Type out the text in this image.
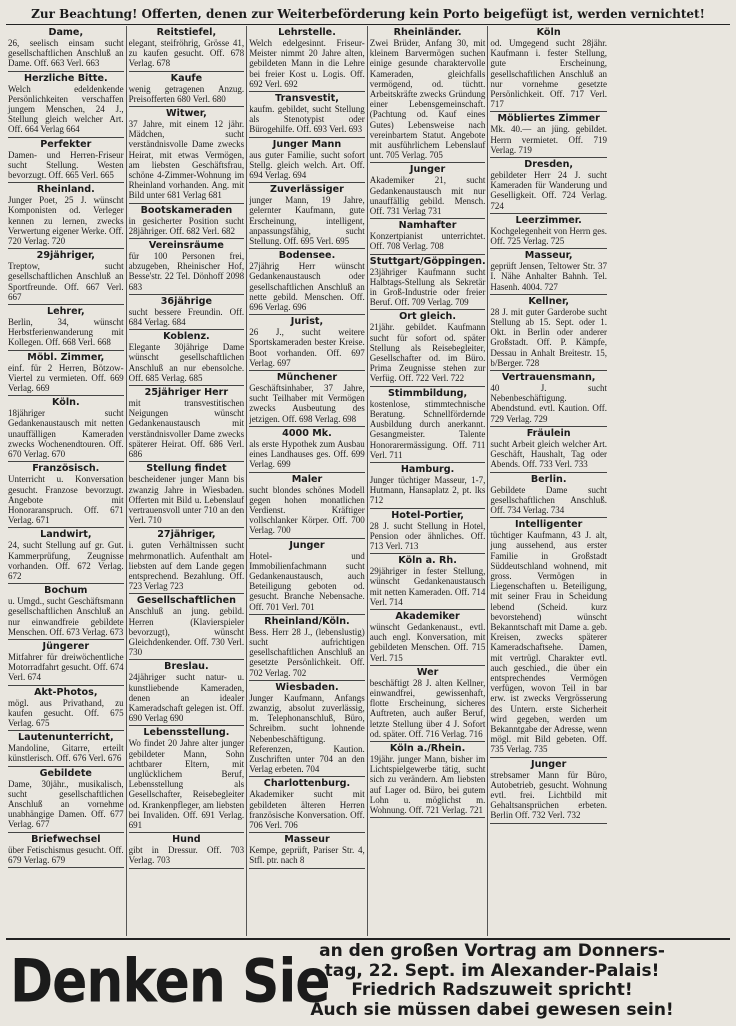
Zur Beachtung! Offerten, denen zur Weiterbeförderung kein Porto beigefügt ist, werden vernichtet!
Dame,
26, seelisch einsam sucht gesellschaftlichen Anschluß an Dame. Off. 663 Verl. 663
Herzliche Bitte.
Welch edeldenkende Persönlichkeiten verschaffen jungem Menschen, 24 J., Stellung gleich welcher Art. Off. 664 Verlag 664
Perfekter
Damen- und Herren-Friseur sucht Stellung. Westen bevorzugt. Off. 665 Verl. 665
Rheinland.
Junger Poet, 25 J. wünscht Komponisten od. Verleger kennen zu lernen, zwecks Verwertung eigener Werke. Off. 720 Verlag. 720
29jähriger,
Treptow, sucht gesellschaftlichen Anschluß an Sportfreunde. Off. 667 Verl. 667
Lehrer,
Berlin, 34, wünscht Herbstferienwanderung mit Kollegen. Off. 668 Verl. 668
Möbl. Zimmer,
einf. für 2 Herren, Bötzow-Viertel zu vermieten. Off. 669 Verlag. 669
Köln.
18jähriger sucht Gedankenaustausch mit netten unauffälligen Kameraden zwecks Wochenendtouren. Off. 670 Verlag. 670
Französisch.
Unterricht u. Konversation gesucht. Franzose bevorzugt. Angebote mit Honoraranspruch. Off. 671 Verlag. 671
Landwirt,
24, sucht Stellung auf gr. Gut. Kammerprüfung, Zeugnisse vorhanden. Off. 672 Verlag. 672
Bochum
u. Umgd., sucht Geschäftsmann gesellschaftlichen Anschluß an nur einwandfreie gebildete Menschen. Off. 673 Verlag. 673
Jüngerer
Mitfahrer für dreiwöchentliche Motorradfahrt gesucht. Off. 674 Verl. 674
Akt-Photos,
mögl. aus Privathand, zu kaufen gesucht. Off. 675 Verlag. 675
Lautenunterricht,
Mandoline, Gitarre, erteilt künstlerisch. Off. 676 Verl. 676
Gebildete
Dame, 30jähr., musikalisch, sucht gesellschaftlichen Anschluß an vornehme unabhängige Damen. Off. 677 Verlag. 677
Briefwechsel
über Fetischismus gesucht. Off. 679 Verlag. 679
Reitstiefel,
elegant, steifröhrig, Grösse 41, zu kaufen gesucht. Off. 678 Verlag. 678
Kaufe
wenig getragenen Anzug. Preisofferten 680 Verl. 680
Witwer,
37 Jahre, mit einem 12 jähr. Mädchen, sucht verständnisvolle Dame zwecks Heirat, mit etwas Vermögen, am liebsten Geschäftsfrau, schöne 4-Zimmer-Wohnung im Rheinland vorhanden. Ang. mit Bild unter 681 Verlag 681
Bootskameraden
in gesicherter Position sucht 28jähriger. Off. 682 Verl. 682
Vereinsräume
für 100 Personen frei, abzugeben, Rheinischer Hof, Besse'str. 22 Tel. Dönhoff 2098 683
36jährige
sucht bessere Freundin. Off. 684 Verlag. 684
Koblenz.
Elegante 30jährige Dame wünscht gesellschaftlichen Anschluß an nur ebensolche. Off. 685 Verlag. 685
25jähriger Herr
mit transvestitischen Neigungen wünscht Gedankenaustausch mit verständnisvoller Dame zwecks späterer Heirat. Off. 686 Verl. 686
Stellung findet
bescheidener junger Mann bis zwanzig Jahre in Wiesbaden. Offerten mit Bild u. Lebenslauf vertrauensvoll unter 710 an den Verl. 710
27jähriger,
i. guten Verhältnissen sucht mehrmonatlich. Aufenthalt am liebsten auf dem Lande gegen entsprechend. Bezahlung. Off. 723 Verlag 723
Gesellschaftlichen
Anschluß an jung. gebild. Herren (Klavierspieler bevorzugt), wünscht Gleichdenkender. Off. 730 Verl. 730
Breslau.
24jähriger sucht natur- u. kunstliebende Kameraden, denen an idealer Kameradschaft gelegen ist. Off. 690 Verlag 690
Lebensstellung.
Wo findet 20 Jahre alter junger gebildeter Mann, Sohn achtbarer Eltern, mit unglücklichem Beruf, Lebensstellung als Gesellschafter, Reisebegleiter od. Krankenpfleger, am liebsten bei Invaliden. Off. 691 Verlag. 691
Hund
gibt in Dressur. Off. 703 Verlag. 703
Lehrstelle.
Welch edelgesinnt. Friseur-Meister nimmt 20 Jahre alten, gebildeten Mann in die Lehre bei freier Kost u. Logis. Off. 692 Verl. 692
Transvestit,
kaufm. gebildet, sucht Stellung als Stenotypist oder Bürogehilfe. Off. 693 Verl. 693
Junger Mann
aus guter Familie, sucht sofort Stellg. gleich welch. Art. Off. 694 Verlag. 694
Zuverlässiger
junger Mann, 19 Jahre, gelernter Kaufmann, gute Erscheinung, intelligent, anpassungsfähig, sucht Stellung. Off. 695 Verl. 695
Bodensee.
27jährig Herr wünscht Gedankenaustausch oder gesellschaftlichen Anschluß an nette gebild. Menschen. Off. 696 Verlag. 696
Jurist,
26 J., sucht weitere Sportskameraden bester Kreise. Boot vorhanden. Off. 697 Verlag. 697
Münchener
Geschäftsinhaber, 37 Jahre, sucht Teilhaber mit Vermögen zwecks Ausbeutung des jetzigen. Off. 698 Verlag. 698
4000 Mk.
als erste Hypothek zum Ausbau eines Landhauses ges. Off. 699 Verlag. 699
Maler
sucht blondes schönes Modell gegen hohen monatlichen Verdienst. Kräftiger vollschlanker Körper. Off. 700 Verlag. 700
Junger
Hotel- und Immobilienfachmann sucht Gedankenaustausch, auch Beteiligung geboten od. gesucht. Branche Nebensache. Off. 701 Verl. 701
Rheinland/Köln.
Bess. Herr 28 J., (lebenslustig) sucht aufrichtigen gesellschaftlichen Anschluß an gesetzte Persönlichkeit. Off. 702 Verlag. 702
Wiesbaden.
Junger Kaufmann, Anfangs zwanzig, absolut zuverlässig, m. Telephonanschluß, Büro, Schreibm. sucht lohnende Nebenbeschäftigung. Referenzen, Kaution. Zuschriften unter 704 an den Verlag erbeten. 704
Charlottenburg.
Akademiker sucht mit gebildeten älteren Herren französische Konversation. Off. 706 Verl. 706
Masseur
Kempe, geprüft, Pariser Str. 4, Stfl. ptr. nach 8
Rheinländer.
Zwei Brüder, Anfang 30, mit kleinem Barvermögen suchen einige gesunde charaktervolle Kameraden, gleichfalls vermögend, od. tüchtt. Arbeitskräfte zwecks Gründung einer Lebensgemeinschaft. (Pachtung od. Kauf eines Gutes) Lebensweise nach vereinbartem Statut. Angebote mit ausführlichem Lebenslauf unt. 705 Verlag. 705
Junger
Akademiker 21, sucht Gedankenaustausch mit nur unauffällig gebild. Mensch. Off. 731 Verlag 731
Namhafter
Konzertpianist unterrichtet. Off. 708 Verlag. 708
Stuttgart/Göppingen.
23jähriger Kaufmann sucht Halbtags-Stellung als Sekretär in Groß-Industrie oder freier Beruf. Off. 709 Verlag. 709
Ort gleich.
21jähr. gebildet. Kaufmann sucht für sofort od. später Stellung als Reisebegleiter, Gesellschafter od. im Büro. Prima Zeugnisse stehen zur Verfüg. Off. 722 Verl. 722
Stimmbildung,
kostenlose, stimmtechnische Beratung. Schnellfördernde Ausbildung durch anerkannt. Gesangmeister. Talente Honorarermässigung. Off. 711 Verl. 711
Hamburg.
Junger tüchtiger Masseur, 1-7, Hutmann, Hansaplatz 2, pt. lks 712
Hotel-Portier,
28 J. sucht Stellung in Hotel, Pension oder ähnliches. Off. 713 Verl. 713
Köln a. Rh.
29jähriger in fester Stellung, wünscht Gedankenaustausch mit netten Kameraden. Off. 714 Verl. 714
Akademiker
wünscht Gedankenaust., evtl. auch engl. Konversation, mit gebildeten Menschen. Off. 715 Verl. 715
Wer
beschäftigt 28 J. alten Kellner, einwandfrei, gewissenhaft, flotte Erscheinung, sicheres Auftreten, auch außer Beruf, letzte Stellung über 4 J. Sofort od. später. Off. 716 Verlag. 716
Köln a./Rhein.
19jähr. junger Mann, bisher im Lichtspielgewerbe tätig, sucht sich zu verändern. Am liebsten auf Lager od. Büro, bei gutem Lohn u. möglichst m. Wohnung. Off. 721 Verlag. 721
Köln
od. Umgegend sucht 28jähr. Kaufmann i. fester Stellung, gute Erscheinung, gesellschaftlichen Anschluß an nur vornehme gesetzte Persönlichkeit. Off. 717 Verl. 717
Möbliertes Zimmer
Mk. 40.— an jüng. gebildet. Herrn vermietet. Off. 719 Verlag. 719
Dresden,
gebildeter Herr 24 J. sucht Kameraden für Wanderung und Geselligkeit. Off. 724 Verlag. 724
Leerzimmer.
Kochgelegenheit von Herrn ges. Off. 725 Verlag. 725
Masseur,
geprüft Jensen, Teltower Str. 37 I. Nähe Anhalter Bahnh. Tel. Hasenh. 4004. 727
Kellner,
28 J. mit guter Garderobe sucht Stellung ab 15. Sept. oder 1. Okt. in Berlin oder anderer Großstadt. Off. P. Kämpfe, Dessau in Anhalt Breitestr. 15, b/Berger. 728
Vertrauensmann,
40 J. sucht Nebenbeschäftigung. Abendstund. evtl. Kaution. Off. 729 Verlag. 729
Fräulein
sucht Arbeit gleich welcher Art. Geschäft, Haushalt, Tag oder Abends. Off. 733 Verl. 733
Berlin.
Gebildete Dame sucht gesellschaftlichen Anschluß. Off. 734 Verlag. 734
Intelligenter
tüchtiger Kaufmann, 43 J. alt, jung aussehend, aus erster Familie in Großstadt Süddeutschland wohnend, mit gross. Vermögen in Liegenschaften u. Beteiligung, mit seiner Frau in Scheidung lebend (Scheid. kurz bevorstehend) wünscht Bekanntschaft mit Dame a. geb. Kreisen, zwecks späterer Kameradschaftsehe. Damen, mit vertrügl. Charakter evtl. auch geschied., die über ein entsprechendes Vermögen verfügen, wovon Teil in bar erw. ist zwecks Vergrösserung des Untern. erste Sicherheit wird gegeben, werden um Bekanntgabe der Adresse, wenn mögl. mit Bild gebeten. Off. 735 Verlag. 735
Junger
strebsamer Mann für Büro, Autobetrieb, gesucht. Wohnung evtl. frei. Lichtbild mit Gehaltsansprüchen erbeten. Berlin Off. 732 Verl. 732
Denken Sie
an den großen Vortrag am Donners-
tag, 22. Sept. im Alexander-Palais!
Friedrich Radszuweit spricht!
Auch sie müssen dabei gewesen sein!
